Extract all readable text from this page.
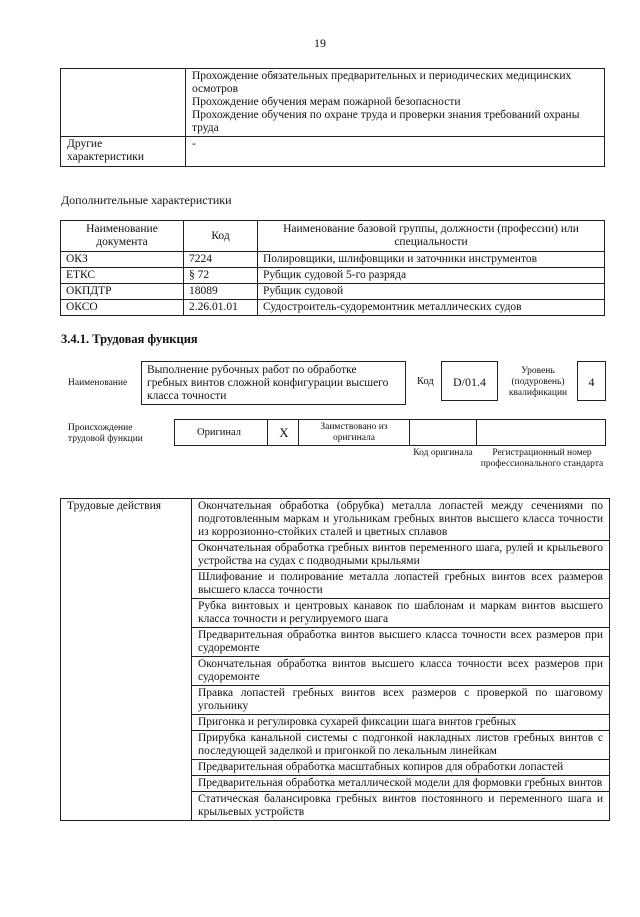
19

	Прохождение обязательных предварительных и периодических медицинских осмотров
Прохождение обучения мерам пожарной безопасности
Прохождение обучения по охране труда и проверки знания требований охраны труда

Другие характеристики	-
Дополнительные характеристики
Наименование документа	Код	Наименование базовой группы, должности (профессии) или специальности
ОКЗ	7224	Полировщики, шлифовщики и заточники инструментов
ЕТКС	§ 72	Рубщик судовой 5-го разряда
ОКПДТР	18089	Рубщик судовой
ОКСО	2.26.01.01	Судостроитель-судоремонтник металлических судов
3.4.1. Трудовая функция
Наименование
Выполнение рубочных работ по обработке гребных винтов сложной конфигурации высшего класса точности
Код	D/01.4
Уровень (подуровень) квалификации
4
Происхождение трудовой функции
Оригинал	X	Заимствовано из оригинала
Код оригинала	Регистрационный номер профессионального стандарта
Трудовые действия	Окончательная обработка (обрубка) металла лопастей между сечениями по подготовленным маркам и угольникам гребных винтов высшего класса точности из коррозионно-стойких сталей и цветных сплавов
Окончательная обработка гребных винтов переменного шага, рулей и крыльевого устройства на судах с подводными крыльями
Шлифование и полирование металла лопастей гребных винтов всех размеров высшего класса точности
Рубка винтовых и центровых канавок по шаблонам и маркам винтов высшего класса точности и регулируемого шага
Предварительная обработка винтов высшего класса точности всех размеров при судоремонте
Окончательная обработка винтов высшего класса точности всех размеров при судоремонте
Правка лопастей гребных винтов всех размеров с проверкой по шаговому угольнику
Пригонка и регулировка сухарей фиксации шага винтов гребных
Прирубка канальной системы с подгонкой накладных листов гребных винтов с последующей заделкой и пригонкой по лекальным линейкам
Предварительная обработка масштабных копиров для обработки лопастей
Предварительная обработка металлической модели для формовки гребных винтов
Статическая балансировка гребных винтов постоянного и переменного шага и крыльевых устройств
